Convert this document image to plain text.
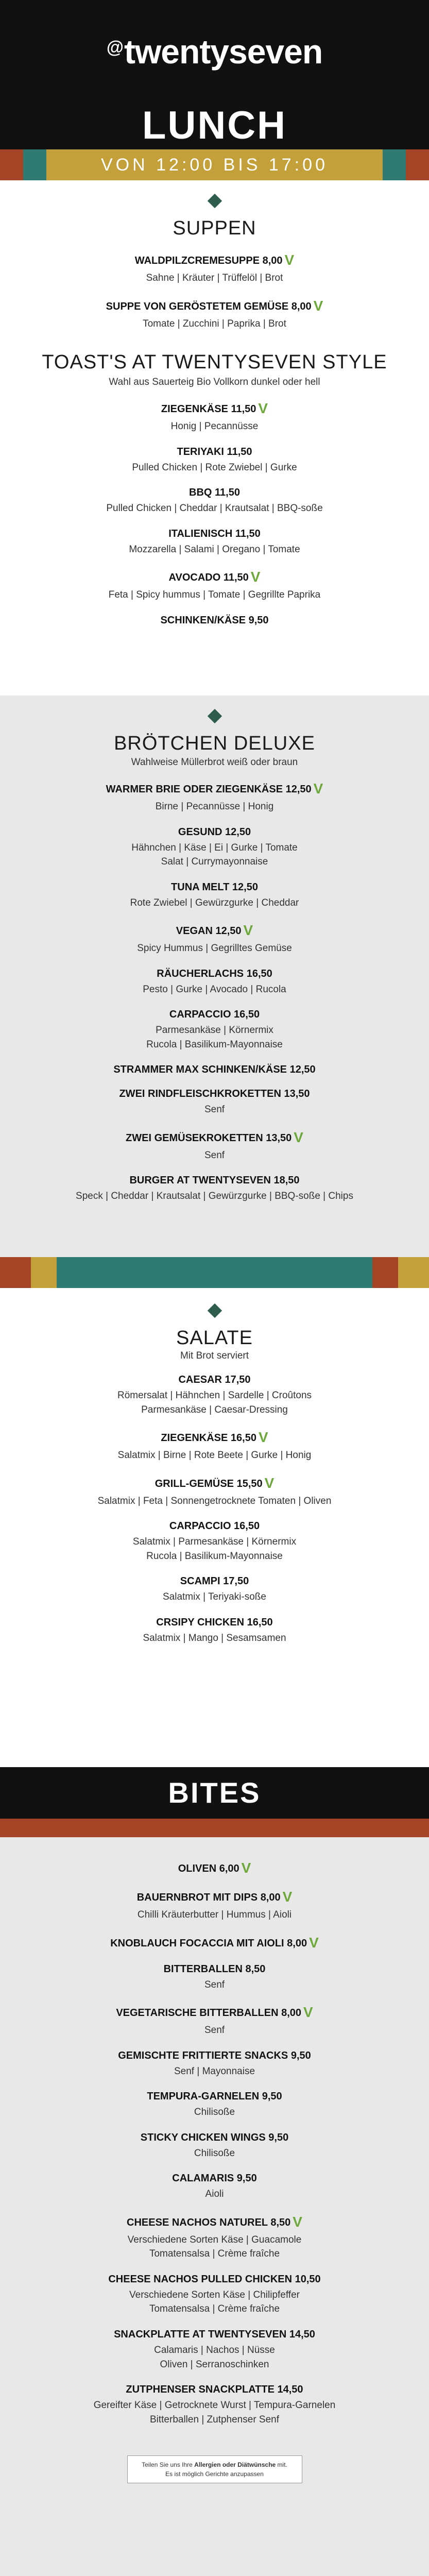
@twentyseven
LUNCH
VON 12:00 BIS 17:00
SUPPEN
WALDPILZCREMESUPPE 8,00 V
Sahne | Kräuter | Trüffelöl | Brot
SUPPE VON GERÖSTETEM GEMÜSE 8,00 V
Tomate | Zucchini | Paprika | Brot
TOAST'S AT TWENTYSEVEN STYLE
Wahl aus Sauerteig Bio Vollkorn dunkel oder hell
ZIEGENKÄSE 11,50 V
Honig | Pecannüsse
TERIYAKI 11,50
Pulled Chicken | Rote Zwiebel | Gurke
BBQ 11,50
Pulled Chicken | Cheddar | Krautsalat | BBQ-soße
ITALIENISCH 11,50
Mozzarella | Salami | Oregano | Tomate
AVOCADO 11,50 V
Feta | Spicy hummus | Tomate | Gegrillte Paprika
SCHINKEN/KÄSE 9,50
BRÖTCHEN DELUXE
Wahlweise Müllerbrot weiß oder braun
WARMER BRIE ODER ZIEGENKÄSE 12,50 V
Birne | Pecannüsse | Honig
GESUND 12,50
Hähnchen | Käse | Ei | Gurke | Tomate
Salat | Currymayonnaise
TUNA MELT 12,50
Rote Zwiebel | Gewürzgurke | Cheddar
VEGAN 12,50 V
Spicy Hummus | Gegrilltes Gemüse
RÄUCHERLACHS 16,50
Pesto | Gurke | Avocado | Rucola
CARPACCIO 16,50
Parmesankäse | Körnermix
Rucola | Basilikum-Mayonnaise
STRAMMER MAX SCHINKEN/KÄSE 12,50
ZWEI RINDFLEISCHKROKETTEN 13,50
Senf
ZWEI GEMÜSEKROKETTEN 13,50 V
Senf
BURGER AT TWENTYSEVEN 18,50
Speck | Cheddar | Krautsalat | Gewürzgurke | BBQ-soße | Chips
SALATE
Mit Brot serviert
CAESAR 17,50
Römersalat | Hähnchen | Sardelle | Croûtons
Parmesankäse | Caesar-Dressing
ZIEGENKÄSE 16,50 V
Salatmix | Birne | Rote Beete | Gurke | Honig
GRILL-GEMÜSE 15,50 V
Salatmix | Feta | Sonnengetrocknete Tomaten | Oliven
CARPACCIO 16,50
Salatmix | Parmesankäse | Körnermix
Rucola | Basilikum-Mayonnaise
SCAMPI 17,50
Salatmix | Teriyaki-soße
CRSIPY CHICKEN 16,50
Salatmix | Mango | Sesamsamen
BITES
OLIVEN 6,00 V
BAUERNBROT MIT DIPS 8,00 V
Chilli Kräuterbutter | Hummus | Aioli
KNOBLAUCH FOCACCIA MIT AIOLI 8,00 V
BITTERBALLEN 8,50
Senf
VEGETARISCHE BITTERBALLEN 8,00 V
Senf
GEMISCHTE FRITTIERTE SNACKS 9,50
Senf | Mayonnaise
TEMPURA-GARNELEN 9,50
Chilisoße
STICKY CHICKEN WINGS 9,50
Chilisoße
CALAMARIS 9,50
Aioli
CHEESE NACHOS NATUREL 8,50 V
Verschiedene Sorten Käse | Guacamole
Tomatensalsa | Crème fraîche
CHEESE NACHOS PULLED CHICKEN 10,50
Verschiedene Sorten Käse | Chilipfeffer
Tomatensalsa | Crème fraîche
SNACKPLATTE AT TWENTYSEVEN 14,50
Calamaris | Nachos | Nüsse
Oliven | Serranoschinken
ZUTPHENSER SNACKPLATTE 14,50
Gereifter Käse | Getrocknete Wurst | Tempura-Garnelen
Bitterballen | Zutphenser Senf
Teilen Sie uns Ihre Allergien oder Diätwünsche mit.
Es ist möglich Gerichte anzupassen
